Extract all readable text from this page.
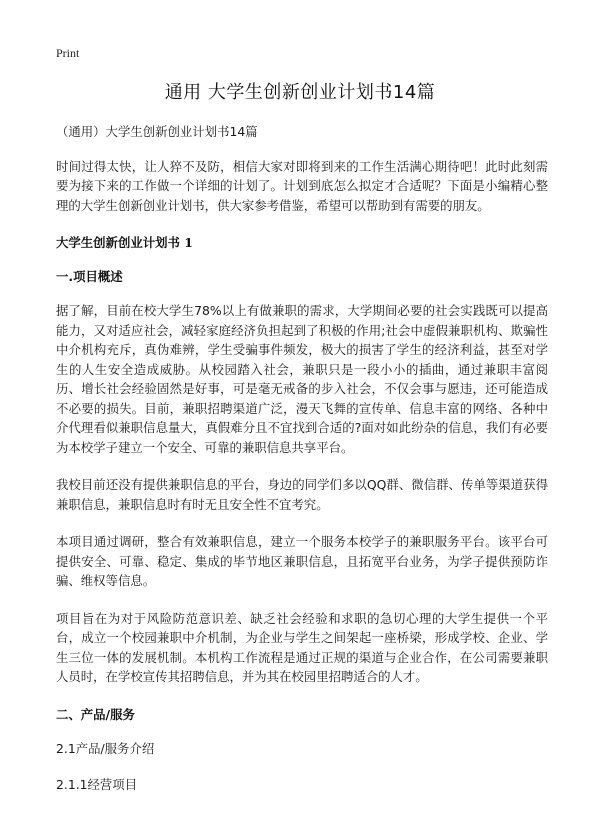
Print
通用 大学生创新创业计划书14篇

（通用）大学生创新创业计划书14篇

时间过得太快，让人猝不及防，相信大家对即将到来的工作生活满心期待吧！此时此刻需要为接下来的工作做一个详细的计划了。计划到底怎么拟定才合适呢？下面是小编精心整理的大学生创新创业计划书，供大家参考借鉴，希望可以帮助到有需要的朋友。

大学生创新创业计划书 1

一.项目概述

据了解，目前在校大学生78%以上有做兼职的需求，大学期间必要的社会实践既可以提高能力，又对适应社会，减轻家庭经济负担起到了积极的作用;社会中虚假兼职机构、欺骗性中介机构充斥，真伪难辨，学生受骗事件频发，极大的损害了学生的经济利益，甚至对学生的人生安全造成威胁。从校园踏入社会，兼职只是一段小小的插曲，通过兼职丰富阅历、增长社会经验固然是好事，可是毫无戒备的步入社会，不仅会事与愿违，还可能造成不必要的损失。目前，兼职招聘渠道广泛，漫天飞舞的宣传单、信息丰富的网络、各种中介代理看似兼职信息量大，真假难分且不宜找到合适的?面对如此纷杂的信息，我们有必要为本校学子建立一个安全、可靠的兼职信息共享平台。

我校目前还没有提供兼职信息的平台，身边的同学们多以QQ群、微信群、传单等渠道获得兼职信息，兼职信息时有时无且安全性不宜考究。

本项目通过调研，整合有效兼职信息，建立一个服务本校学子的兼职服务平台。该平台可提供安全、可靠、稳定、集成的毕节地区兼职信息，且拓宽平台业务，为学子提供预防诈骗、维权等信息。

项目旨在为对于风险防范意识差、缺乏社会经验和求职的急切心理的大学生提供一个平台，成立一个校园兼职中介机制，为企业与学生之间架起一座桥梁，形成学校、企业、学生三位一体的发展机制。本机构工作流程是通过正规的渠道与企业合作，在公司需要兼职人员时，在学校宣传其招聘信息，并为其在校园里招聘适合的人才。

二、产品/服务

2.1产品/服务介绍

2.1.1经营项目
